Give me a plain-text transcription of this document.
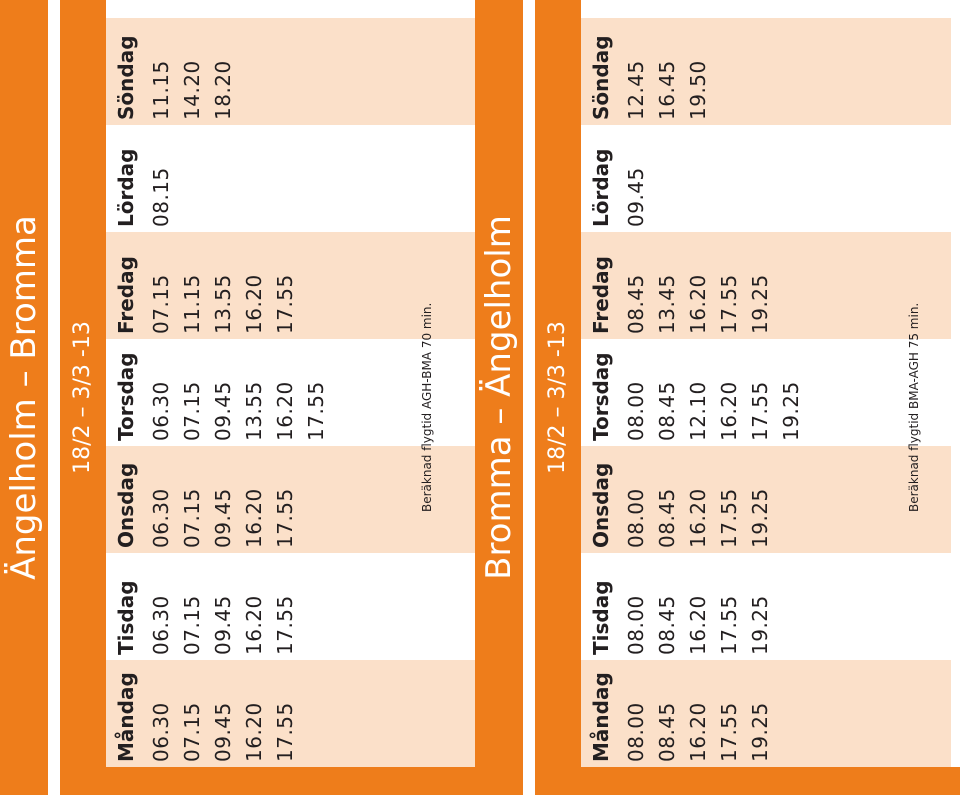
Ängelholm – Bromma	18/2 – 3/3 -13
Måndag 06.30 07.15 09.45 16.20 17.55
Tisdag 06.30 07.15 09.45 16.20 17.55
Onsdag 06.30 07.15 09.45 16.20 17.55
Torsdag 06.30 07.15 09.45 13.55 16.20 17.55
Fredag 07.15 11.15 13.55 16.20 17.55
Lördag 08.15
Söndag 11.15 14.20 18.20
Beräknad flygtid AGH-BMA 70 min. Bromma – Ängelholm	18/2 – 3/3 -13
Måndag 08.00 08.45 16.20 17.55 19.25
Tisdag 08.00 08.45 16.20 17.55 19.25
Onsdag 08.00 08.45 16.20 17.55 19.25
Torsdag 08.00 08.45 12.10 16.20 17.55 19.25
Fredag 08.45 13.45 16.20 17.55 19.25
Lördag 09.45
Söndag 12.45 16.45 19.50
Beräknad flygtid BMA-AGH 75 min.
